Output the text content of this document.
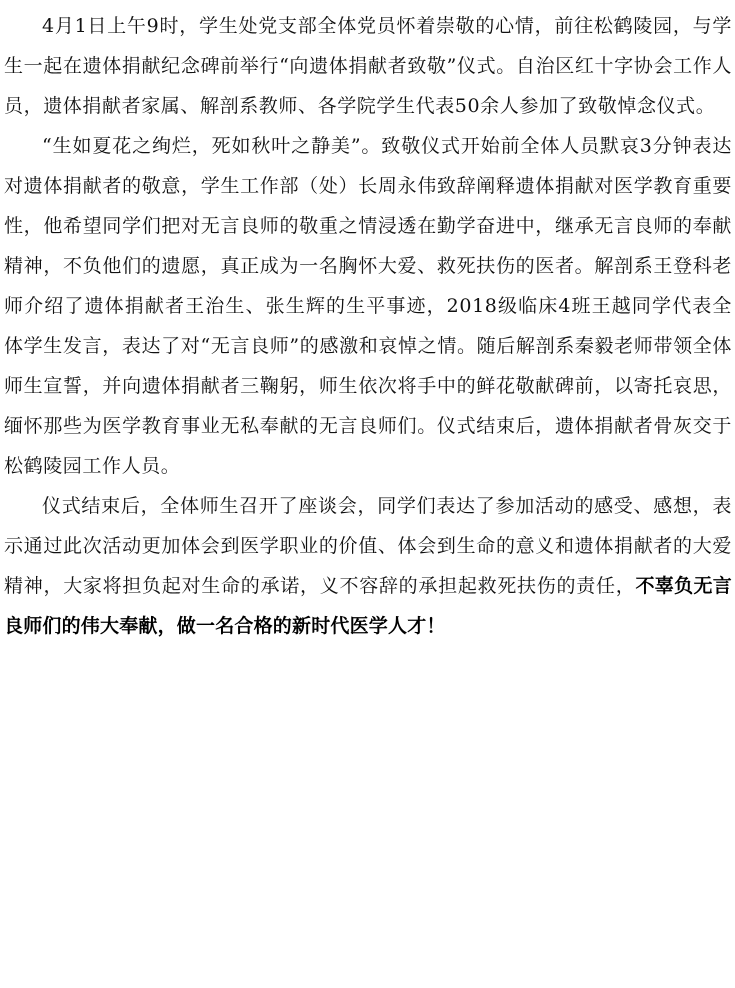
4月1日上午9时，学生处党支部全体党员怀着崇敬的心情，前往松鹤陵园，与学生一起在遗体捐献纪念碑前举行“向遗体捐献者致敬”仪式。自治区红十字协会工作人员，遗体捐献者家属、解剖系教师、各学院学生代表50余人参加了致敬悼念仪式。

“生如夏花之绚烂，死如秋叶之静美”。致敬仪式开始前全体人员默哀3分钟表达对遗体捐献者的敬意，学生工作部（处）长周永伟致辞阐释遗体捐献对医学教育重要性，他希望同学们把对无言良师的敬重之情浸透在勤学奋进中，继承无言良师的奉献精神，不负他们的遗愿，真正成为一名胸怀大爱、救死扶伤的医者。解剖系王登科老师介绍了遗体捐献者王治生、张生辉的生平事迹，2018级临床4班王越同学代表全体学生发言，表达了对“无言良师”的感激和哀悼之情。随后解剖系秦毅老师带领全体师生宣誓，并向遗体捐献者三鞠躬，师生依次将手中的鲜花敬献碑前，以寄托哀思，缅怀那些为医学教育事业无私奉献的无言良师们。仪式结束后，遗体捐献者骨灰交于松鹤陵园工作人员。

仪式结束后，全体师生召开了座谈会，同学们表达了参加活动的感受、感想，表示通过此次活动更加体会到医学职业的价值、体会到生命的意义和遗体捐献者的大爱精神，大家将担负起对生命的承诺，义不容辞的承担起救死扶伤的责任，不辜负无言良师们的伟大奉献，做一名合格的新时代医学人才！
